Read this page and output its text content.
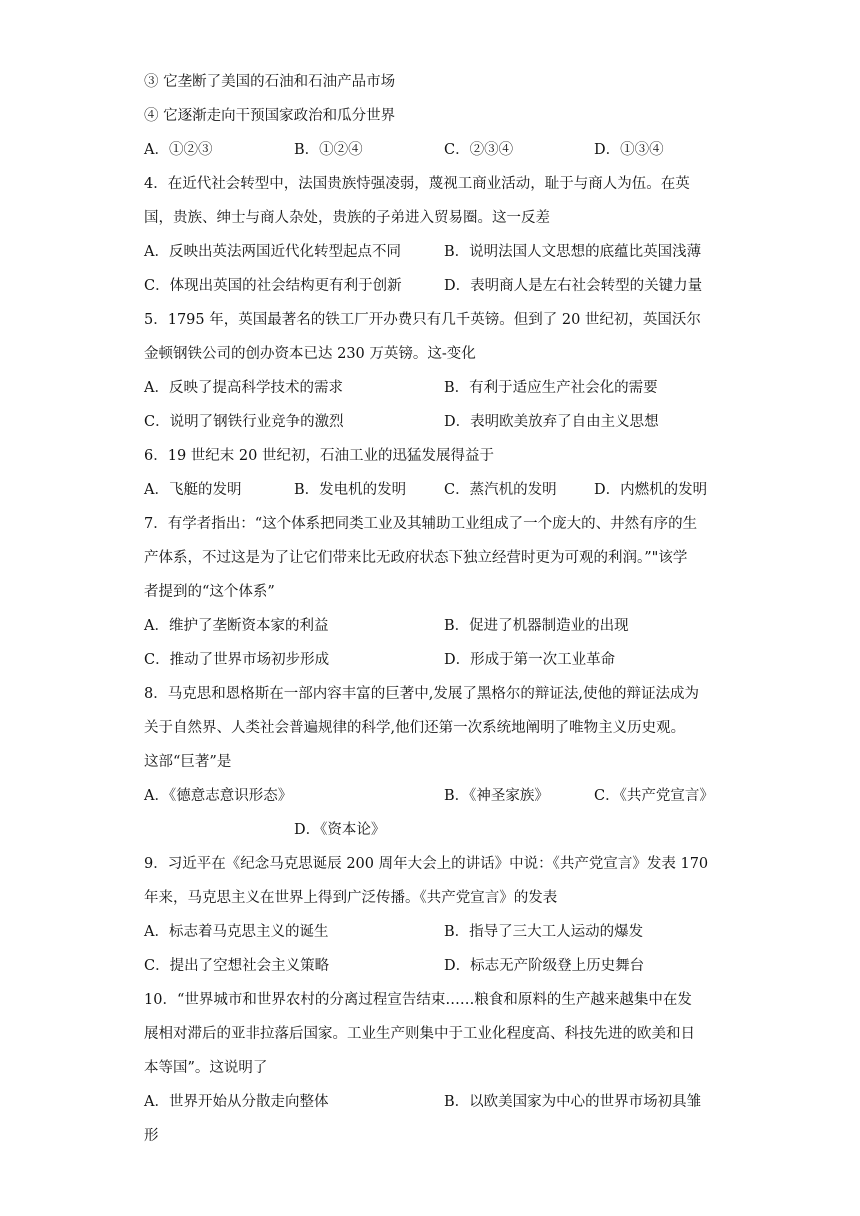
③ 它垄断了美国的石油和石油产品市场
④ 它逐渐走向干预国家政治和瓜分世界
A．①②③	B．①②④	C．②③④	D．①③④
4．在近代社会转型中，法国贵族恃强凌弱，蔑视工商业活动，耻于与商人为伍。在英
国，贵族、绅士与商人杂处，贵族的子弟进入贸易圈。这一反差
A．反映出英法两国近代化转型起点不同	B．说明法国人文思想的底蕴比英国浅薄
C．体现出英国的社会结构更有利于创新	D．表明商人是左右社会转型的关键力量
5．1795 年，英国最著名的铁工厂开办费只有几千英镑。但到了 20 世纪初，英国沃尔
金顿钢铁公司的创办资本已达 230 万英镑。这-变化
A．反映了提高科学技术的需求	B．有利于适应生产社会化的需要
C．说明了钢铁行业竞争的激烈	D．表明欧美放弃了自由主义思想
6．19 世纪末 20 世纪初，石油工业的迅猛发展得益于
A．飞艇的发明	B．发电机的发明	C．蒸汽机的发明	D．内燃机的发明
7．有学者指出：“这个体系把同类工业及其辅助工业组成了一个庞大的、井然有序的生
产体系，不过这是为了让它们带来比无政府状态下独立经营时更为可观的利润。”"该学
者提到的“这个体系”
A．维护了垄断资本家的利益	B．促进了机器制造业的出现
C．推动了世界市场初步形成	D．形成于第一次工业革命
8．马克思和恩格斯在一部内容丰富的巨著中,发展了黑格尔的辩证法,使他的辩证法成为
关于自然界、人类社会普遍规律的科学,他们还第一次系统地阐明了唯物主义历史观。
这部“巨著”是
A．《德意志意识形态》	B．《神圣家族》	C．《共产党宣言》
D．《资本论》
9．习近平在《纪念马克思诞辰 200 周年大会上的讲话》中说：《共产党宣言》发表 170
年来，马克思主义在世界上得到广泛传播。《共产党宣言》的发表
A．标志着马克思主义的诞生	B．指导了三大工人运动的爆发
C．提出了空想社会主义策略	D．标志无产阶级登上历史舞台
10．“世界城市和世界农村的分离过程宣告结束……粮食和原料的生产越来越集中在发
展相对滞后的亚非拉落后国家。工业生产则集中于工业化程度高、科技先进的欧美和日
本等国”。这说明了
A．世界开始从分散走向整体	B．以欧美国家为中心的世界市场初具雏
形
